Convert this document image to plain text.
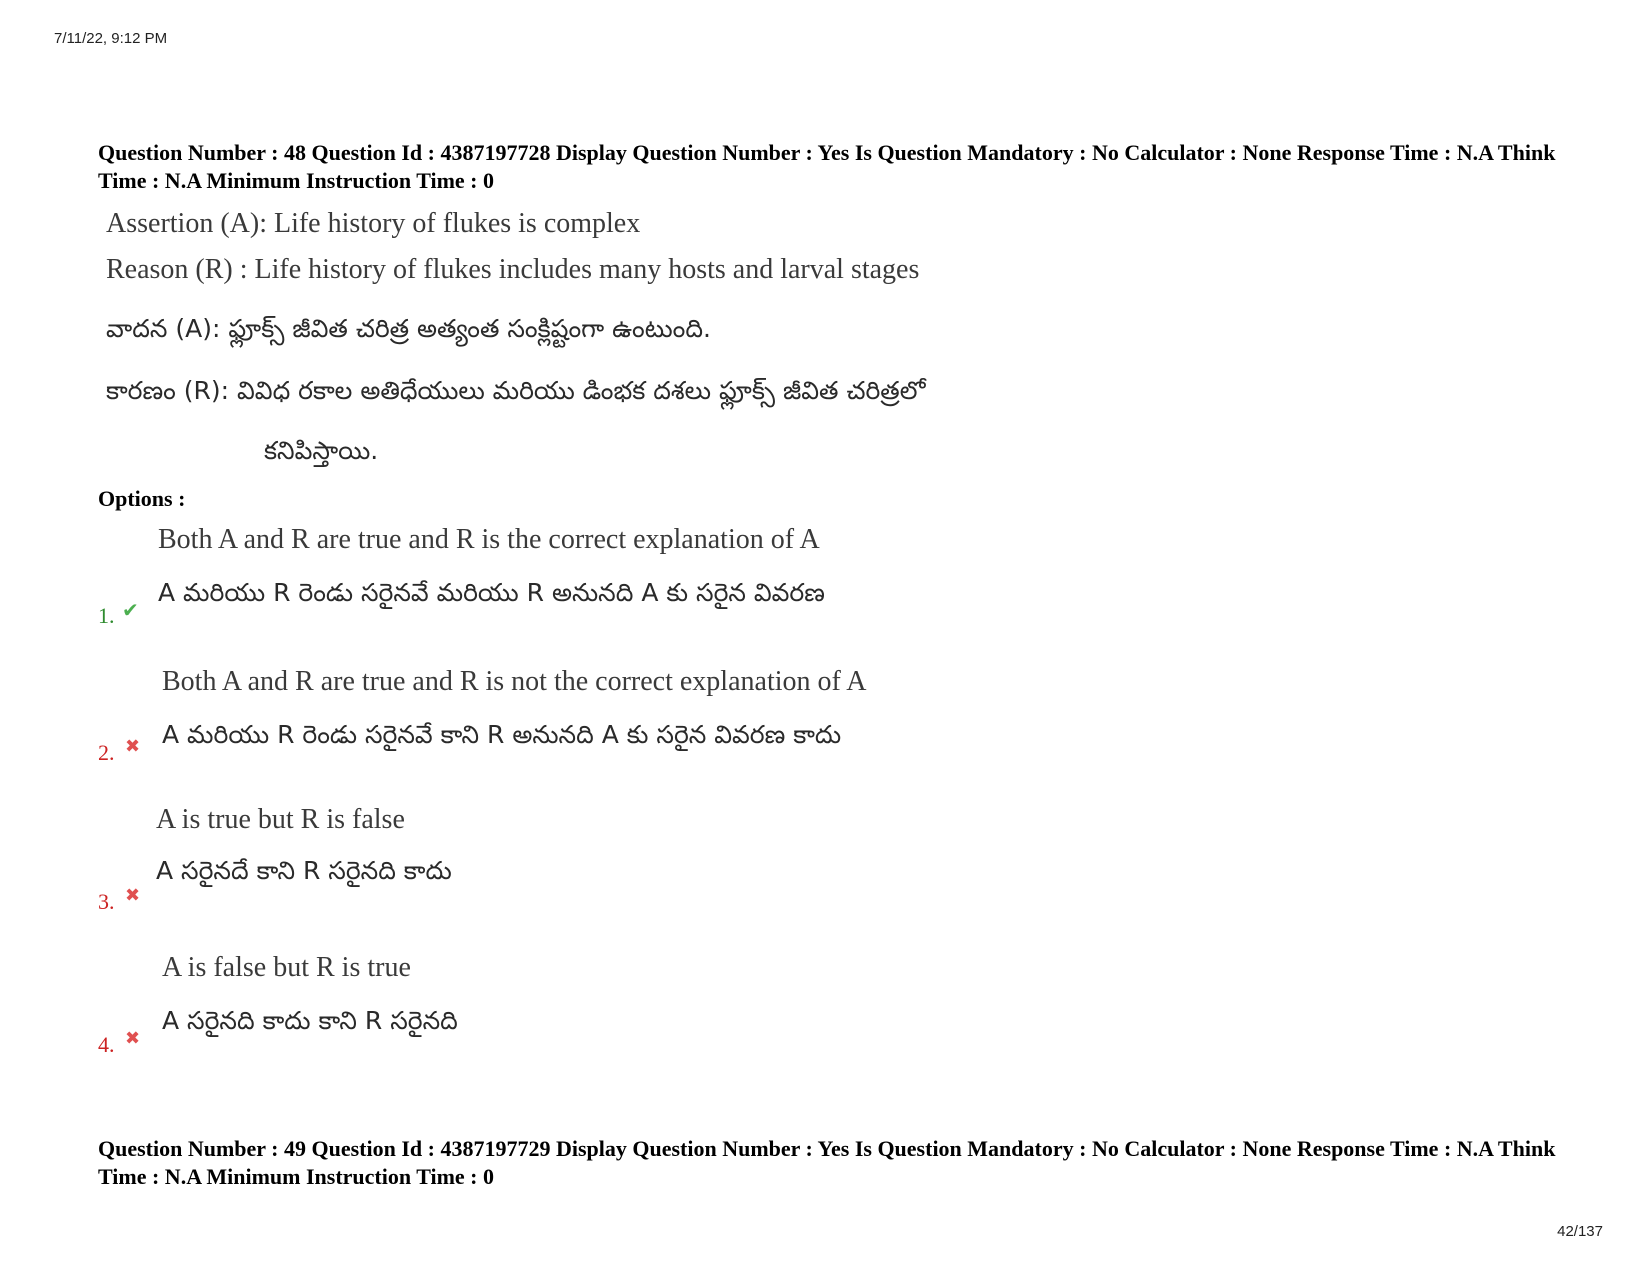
7/11/22, 9:12 PM
Question Number : 48 Question Id : 4387197728 Display Question Number : Yes Is Question Mandatory : No Calculator : None Response Time : N.A Think Time : N.A Minimum Instruction Time : 0
Assertion (A): Life history of flukes is complex
Reason (R) : Life history of flukes includes many hosts and larval stages
వాదన (A): ఫ్లూక్స్ జీవిత చరిత్ర అత్యంత సంక్లిష్టంగా ఉంటుంది.
కారణం (R): వివిధ రకాల అతిధేయులు మరియు డింభక దశలు ఫ్లూక్స్ జీవిత చరిత్రలో
కనిపిస్తాయి.
Options :
Both A and R are true and R is the correct explanation of A
A మరియు R రెండు సరైనవే మరియు R అనునది A కు సరైన వివరణ
1. ✔
Both A and R are true and R is not the correct explanation of A
A మరియు R రెండు సరైనవే కాని R అనునది A కు సరైన వివరణ కాదు
2. ✖
A is true but R is false
A సరైనదే కాని R సరైనది కాదు
3. ✖
A is false but R is true
A సరైనది కాదు కాని R సరైనది
4. ✖
Question Number : 49 Question Id : 4387197729 Display Question Number : Yes Is Question Mandatory : No Calculator : None Response Time : N.A Think Time : N.A Minimum Instruction Time : 0
42/137
